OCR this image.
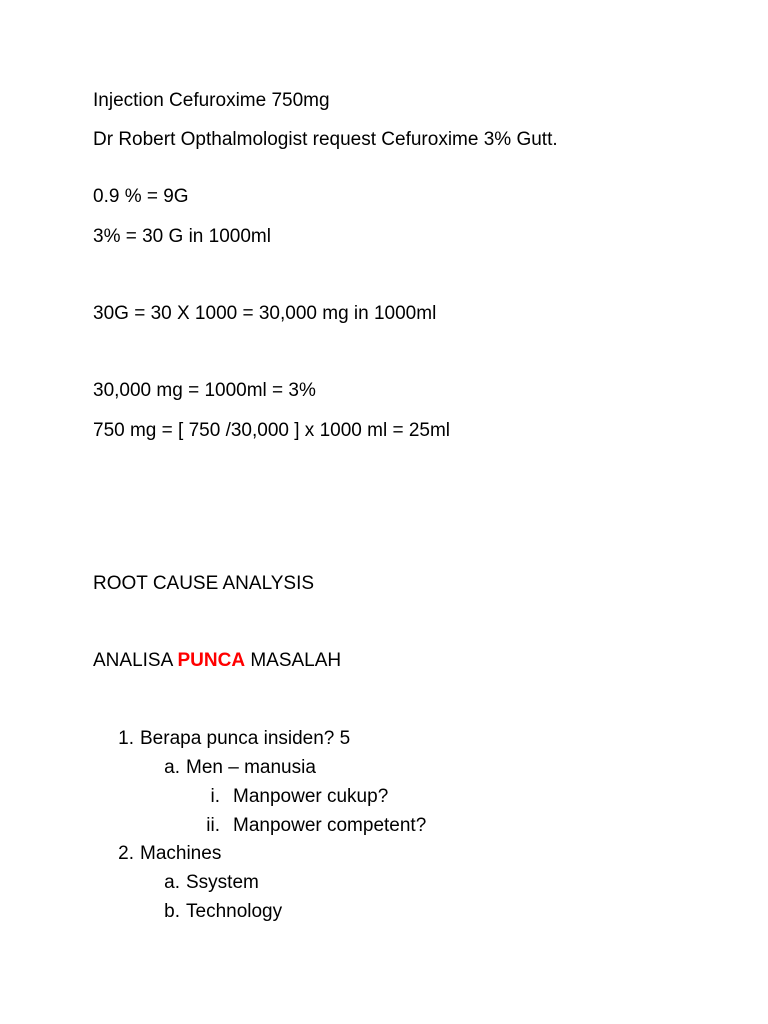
Injection Cefuroxime 750mg
Dr Robert Opthalmologist request Cefuroxime 3% Gutt.
0.9 % = 9G
3% = 30 G in 1000ml
30G = 30 X 1000 = 30,000 mg in 1000ml
30,000 mg = 1000ml = 3%
750 mg = [ 750 /30,000 ] x 1000 ml = 25ml
ROOT CAUSE ANALYSIS
ANALISA PUNCA MASALAH
1. Berapa punca insiden? 5
a. Men – manusia
i. Manpower cukup?
ii. Manpower competent?
2. Machines
a. Ssystem
b. Technology
